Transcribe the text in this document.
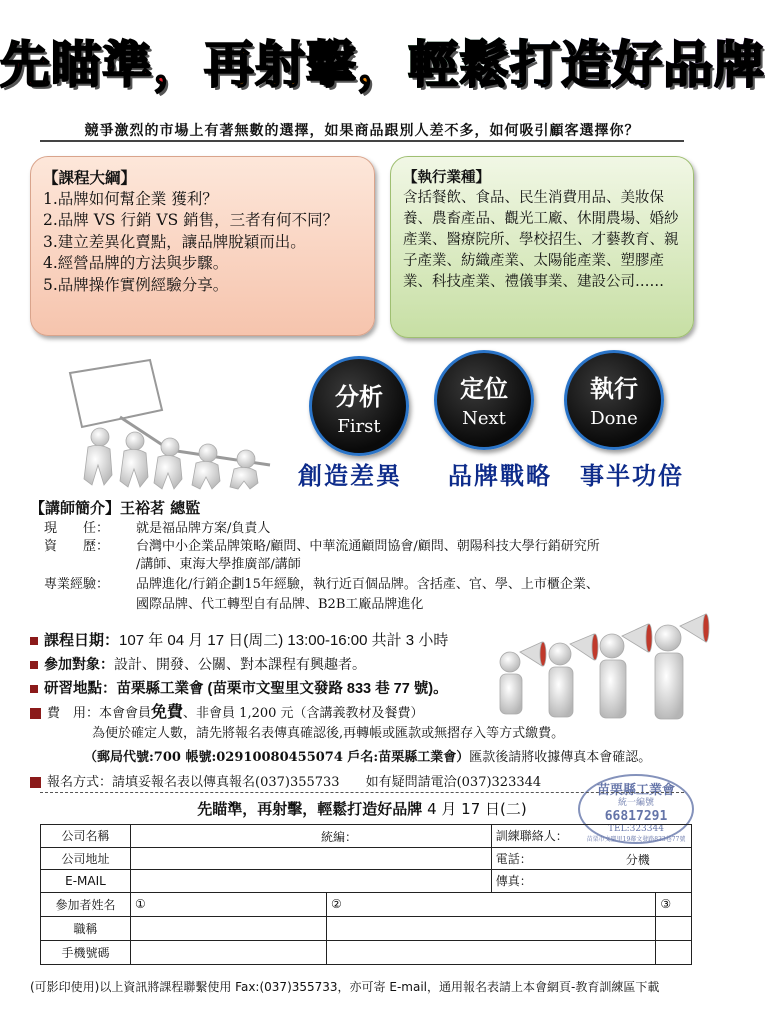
先瞄準，再射擊，輕鬆打造好品牌
競爭激烈的市場上有著無數的選擇，如果商品跟別人差不多，如何吸引顧客選擇你？
【課程大綱】
1.品牌如何幫企業 獲利？
2.品牌 VS 行銷 VS 銷售，三者有何不同？
3.建立差異化賣點，讓品牌脫穎而出。
4.經營品牌的方法與步驟。
5.品牌操作實例經驗分享。
【執行業種】
含括餐飲、食品、民生消費用品、美妝保養、農畜產品、觀光工廠、休閒農場、婚紗產業、醫療院所、學校招生、才藝教育、親子產業、紡織產業、太陽能產業、塑膠產業、科技產業、禮儀事業、建設公司……
分析
First
定位
Next
執行
Done
創造差異 品牌戰略 事半功倍
【講師簡介】王裕茗 總監
現　　任：	就是福品牌方案/負責人
資　　歷：	台灣中小企業品牌策略/顧問、中華流通顧問協會/顧問、朝陽科技大學行銷研究所
/講師、東海大學推廣部/講師
專業經驗：	品牌進化/行銷企劃15年經驗，執行近百個品牌。含括產、官、學、上市櫃企業、
國際品牌、代工轉型自有品牌、B2B工廠品牌進化
課程日期：107 年 04 月 17 日(周二) 13:00-16:00 共計 3 小時
參加對象：設計、開發、公關、對本課程有興趣者。
研習地點：苗栗縣工業會 (苗栗市文聖里文發路 833 巷 77 號)。
費　用：本會會員免費、非會員 1,200 元（含講義教材及餐費）
為便於確定人數，請先將報名表傳真確認後,再轉帳或匯款或無摺存入等方式繳費。
（郵局代號:700 帳號:02910080455074 戶名:苗栗縣工業會）匯款後請將收據傳真本會確認。
報名方式：請填妥報名表以傳真報名(037)355733　　如有疑問請電洽(037)323344
苗栗縣工業會
統一編號
66817291
TEL:323344
苗栗市文聖里19鄰文發路833巷77號
先瞄準，再射擊，輕鬆打造好品牌 4 月 17 日(二)
公司名稱	統編：		訓練聯絡人：	
公司地址			電話： 分機	

E-MAIL			傳真：	
參加者姓名	①	②		③
職稱				
手機號碼				
(可影印使用)以上資訊將課程聯繫使用 Fax:(037)355733，亦可寄 E-mail，通用報名表請上本會網頁-教育訓練區下載
